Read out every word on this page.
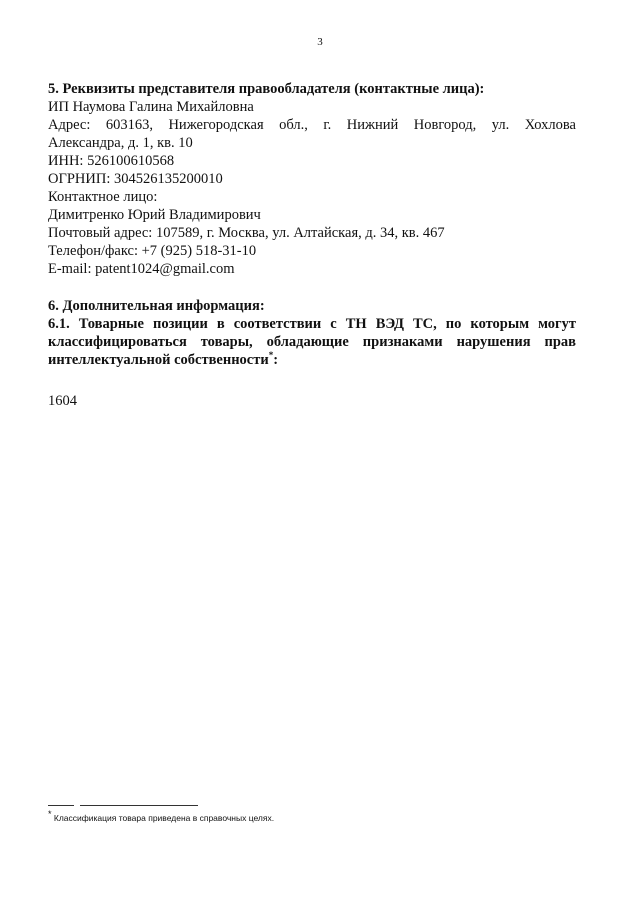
3

5. Реквизиты представителя правообладателя (контактные лица):

ИП Наумова Галина Михайловна

Адрес: 603163, Нижегородская обл., г. Нижний Новгород, ул. Хохлова

Александра, д. 1, кв. 10

ИНН: 526100610568

ОГРНИП: 304526135200010

Контактное лицо:

Димитренко Юрий Владимирович

Почтовый адрес: 107589, г. Москва, ул. Алтайская, д. 34, кв. 467

Телефон/факс: +7 (925) 518-31-10

E-mail: patent1024@gmail.com

6. Дополнительная информация:

6.1. Товарные позиции в соответствии с ТН ВЭД ТС, по которым могут классифицироваться товары, обладающие признаками нарушения прав интеллектуальной собственности*:

1604

* Классификация товара приведена в справочных целях.
